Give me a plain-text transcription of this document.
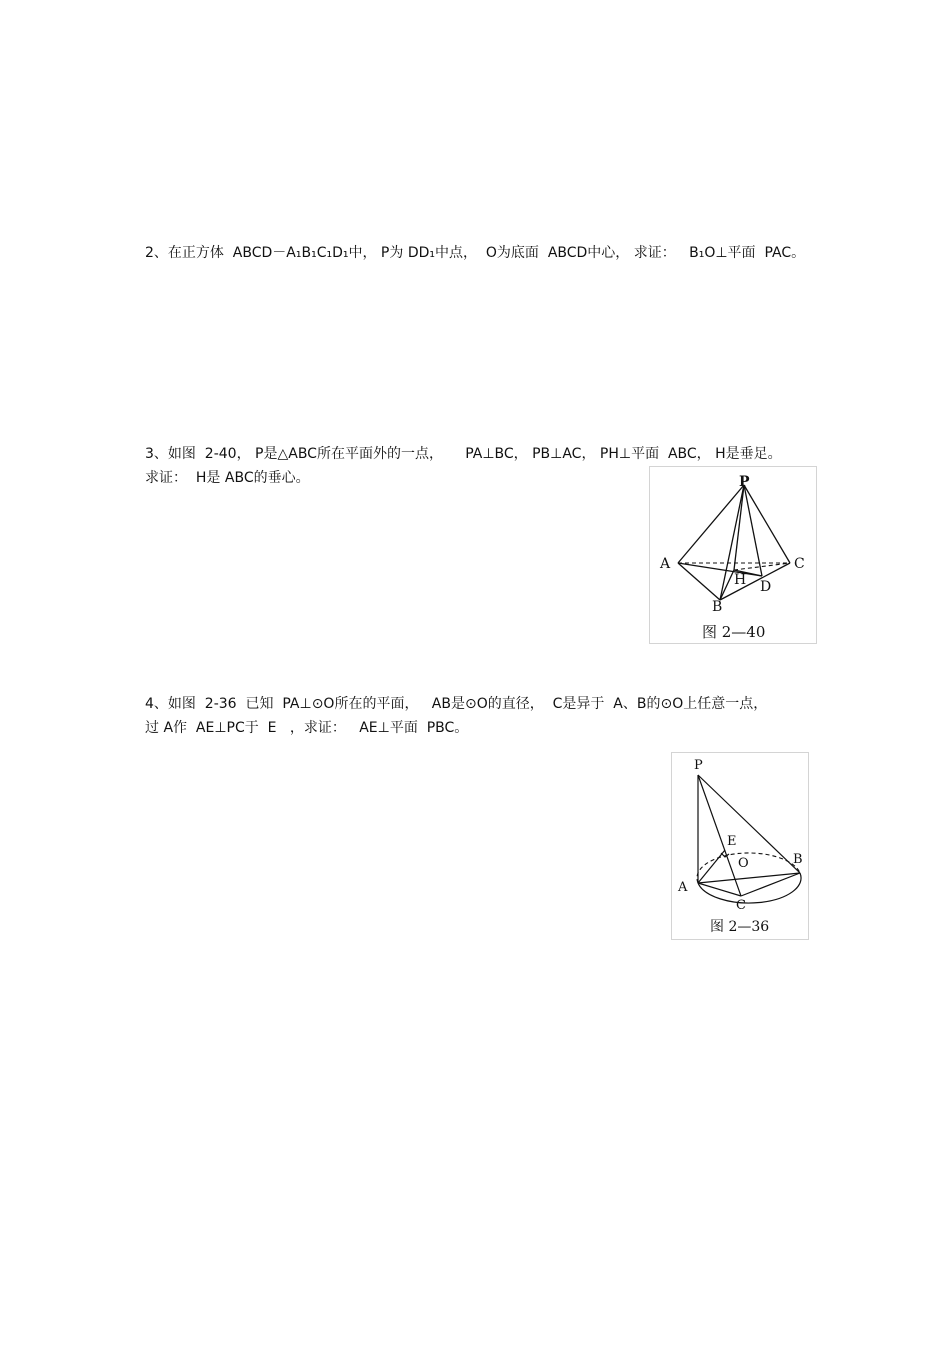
2、在正方体  ABCD－A₁B₁C₁D₁中， P为 DD₁中点，  O为底面  ABCD中心， 求证：   B₁O⊥平面  PAC。

3、如图  2-40， P是△ABC所在平面外的一点，     PA⊥BC， PB⊥AC， PH⊥平面  ABC， H是垂足。

求证：  H是 ABC的垂心。	P
A	C
B
H D
图 2—40

4、如图  2-36  已知  PA⊥⊙O所在的平面，   AB是⊙O的直径，  C是异于  A、B的⊙O上任意一点，

过 A作  AE⊥PC于  E   ，求证：   AE⊥平面  PBC。

P
E
O	B
A
C
图 2—36
